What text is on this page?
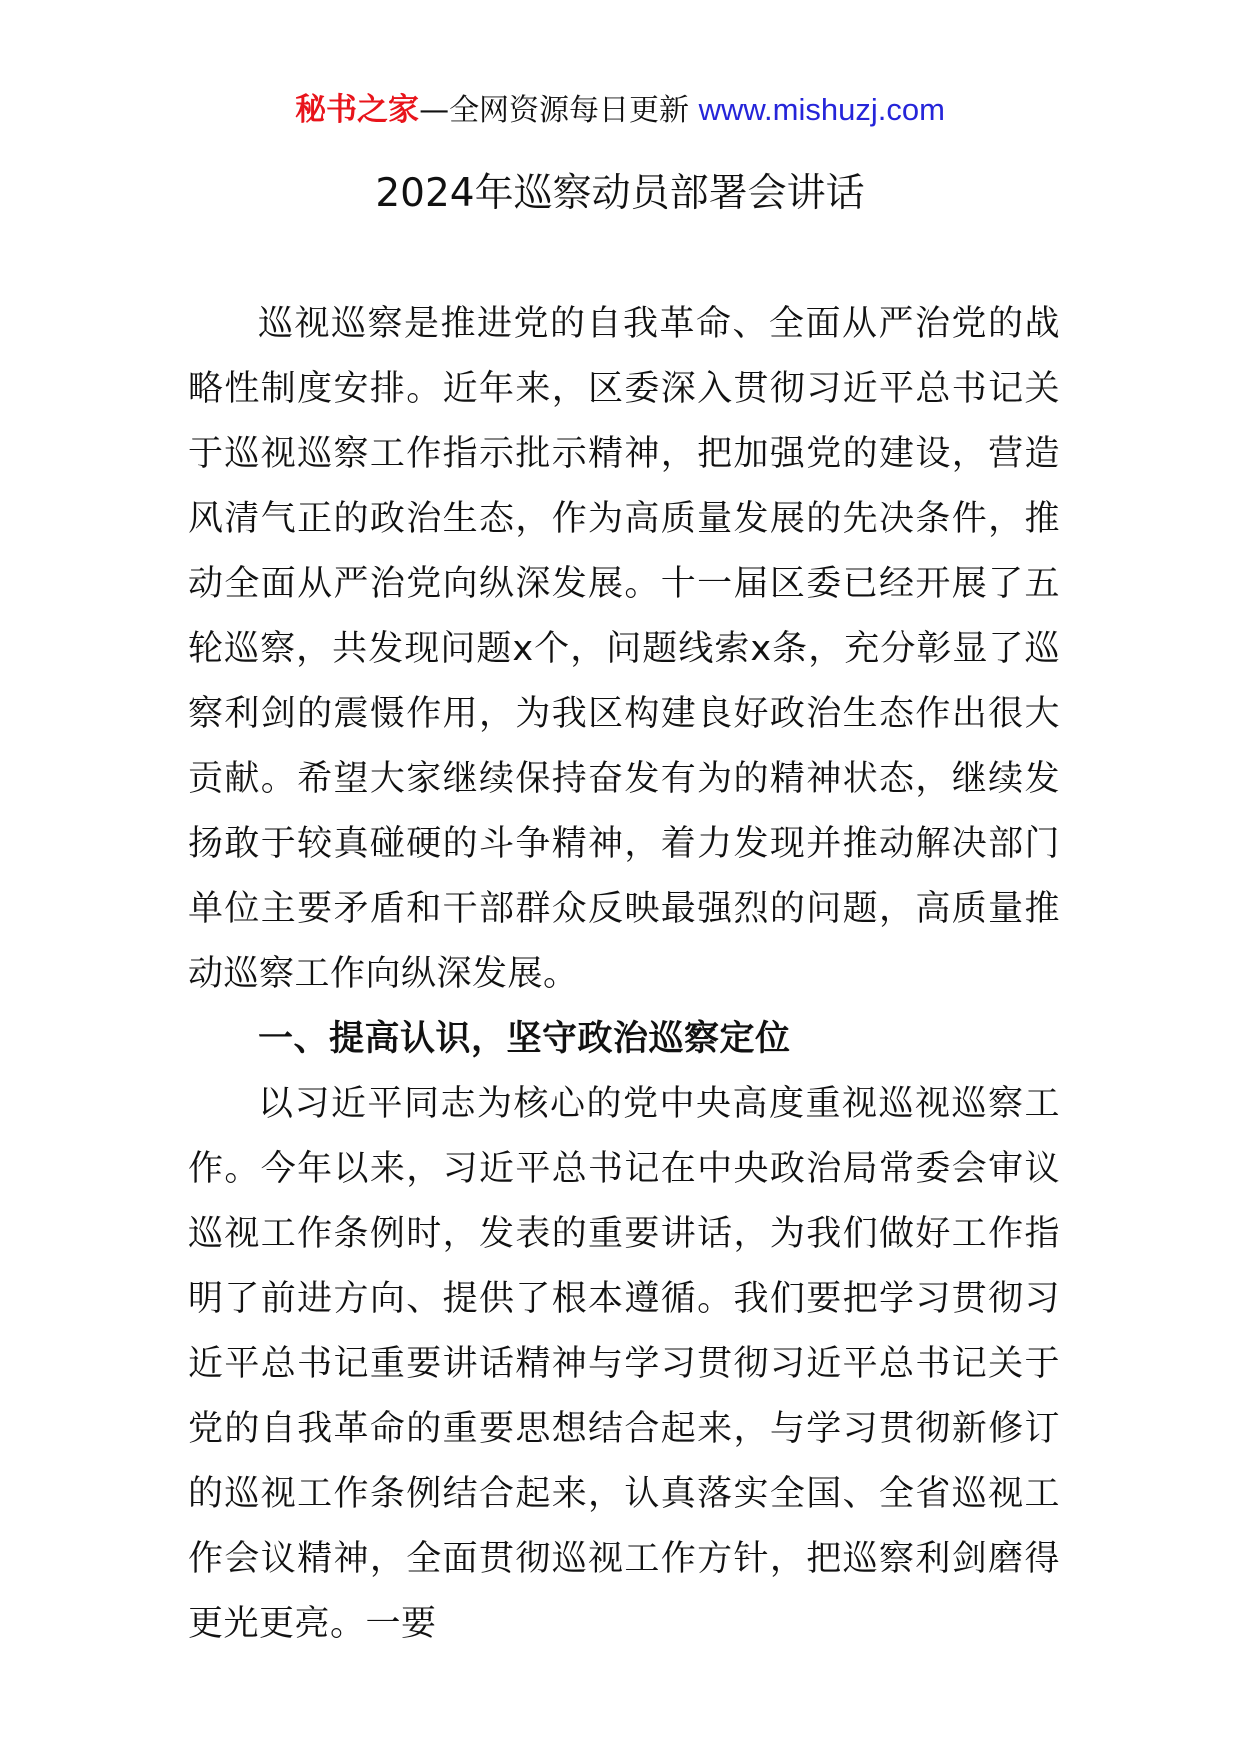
秘书之家—全网资源每日更新 www.mishuzj.com
2024年巡察动员部署会讲话

巡视巡察是推进党的自我革命、全面从严治党的战略性制度安排。近年来，区委深入贯彻习近平总书记关于巡视巡察工作指示批示精神，把加强党的建设，营造风清气正的政治生态，作为高质量发展的先决条件，推动全面从严治党向纵深发展。十一届区委已经开展了五轮巡察，共发现问题x个，问题线索x条，充分彰显了巡察利剑的震慑作用，为我区构建良好政治生态作出很大贡献。希望大家继续保持奋发有为的精神状态，继续发扬敢于较真碰硬的斗争精神，着力发现并推动解决部门单位主要矛盾和干部群众反映最强烈的问题，高质量推动巡察工作向纵深发展。

一、提高认识，坚守政治巡察定位

以习近平同志为核心的党中央高度重视巡视巡察工作。今年以来，习近平总书记在中央政治局常委会审议巡视工作条例时，发表的重要讲话，为我们做好工作指明了前进方向、提供了根本遵循。我们要把学习贯彻习近平总书记重要讲话精神与学习贯彻习近平总书记关于党的自我革命的重要思想结合起来，与学习贯彻新修订的巡视工作条例结合起来，认真落实全国、全省巡视工作会议精神，全面贯彻巡视工作方针，把巡察利剑磨得更光更亮。一要
